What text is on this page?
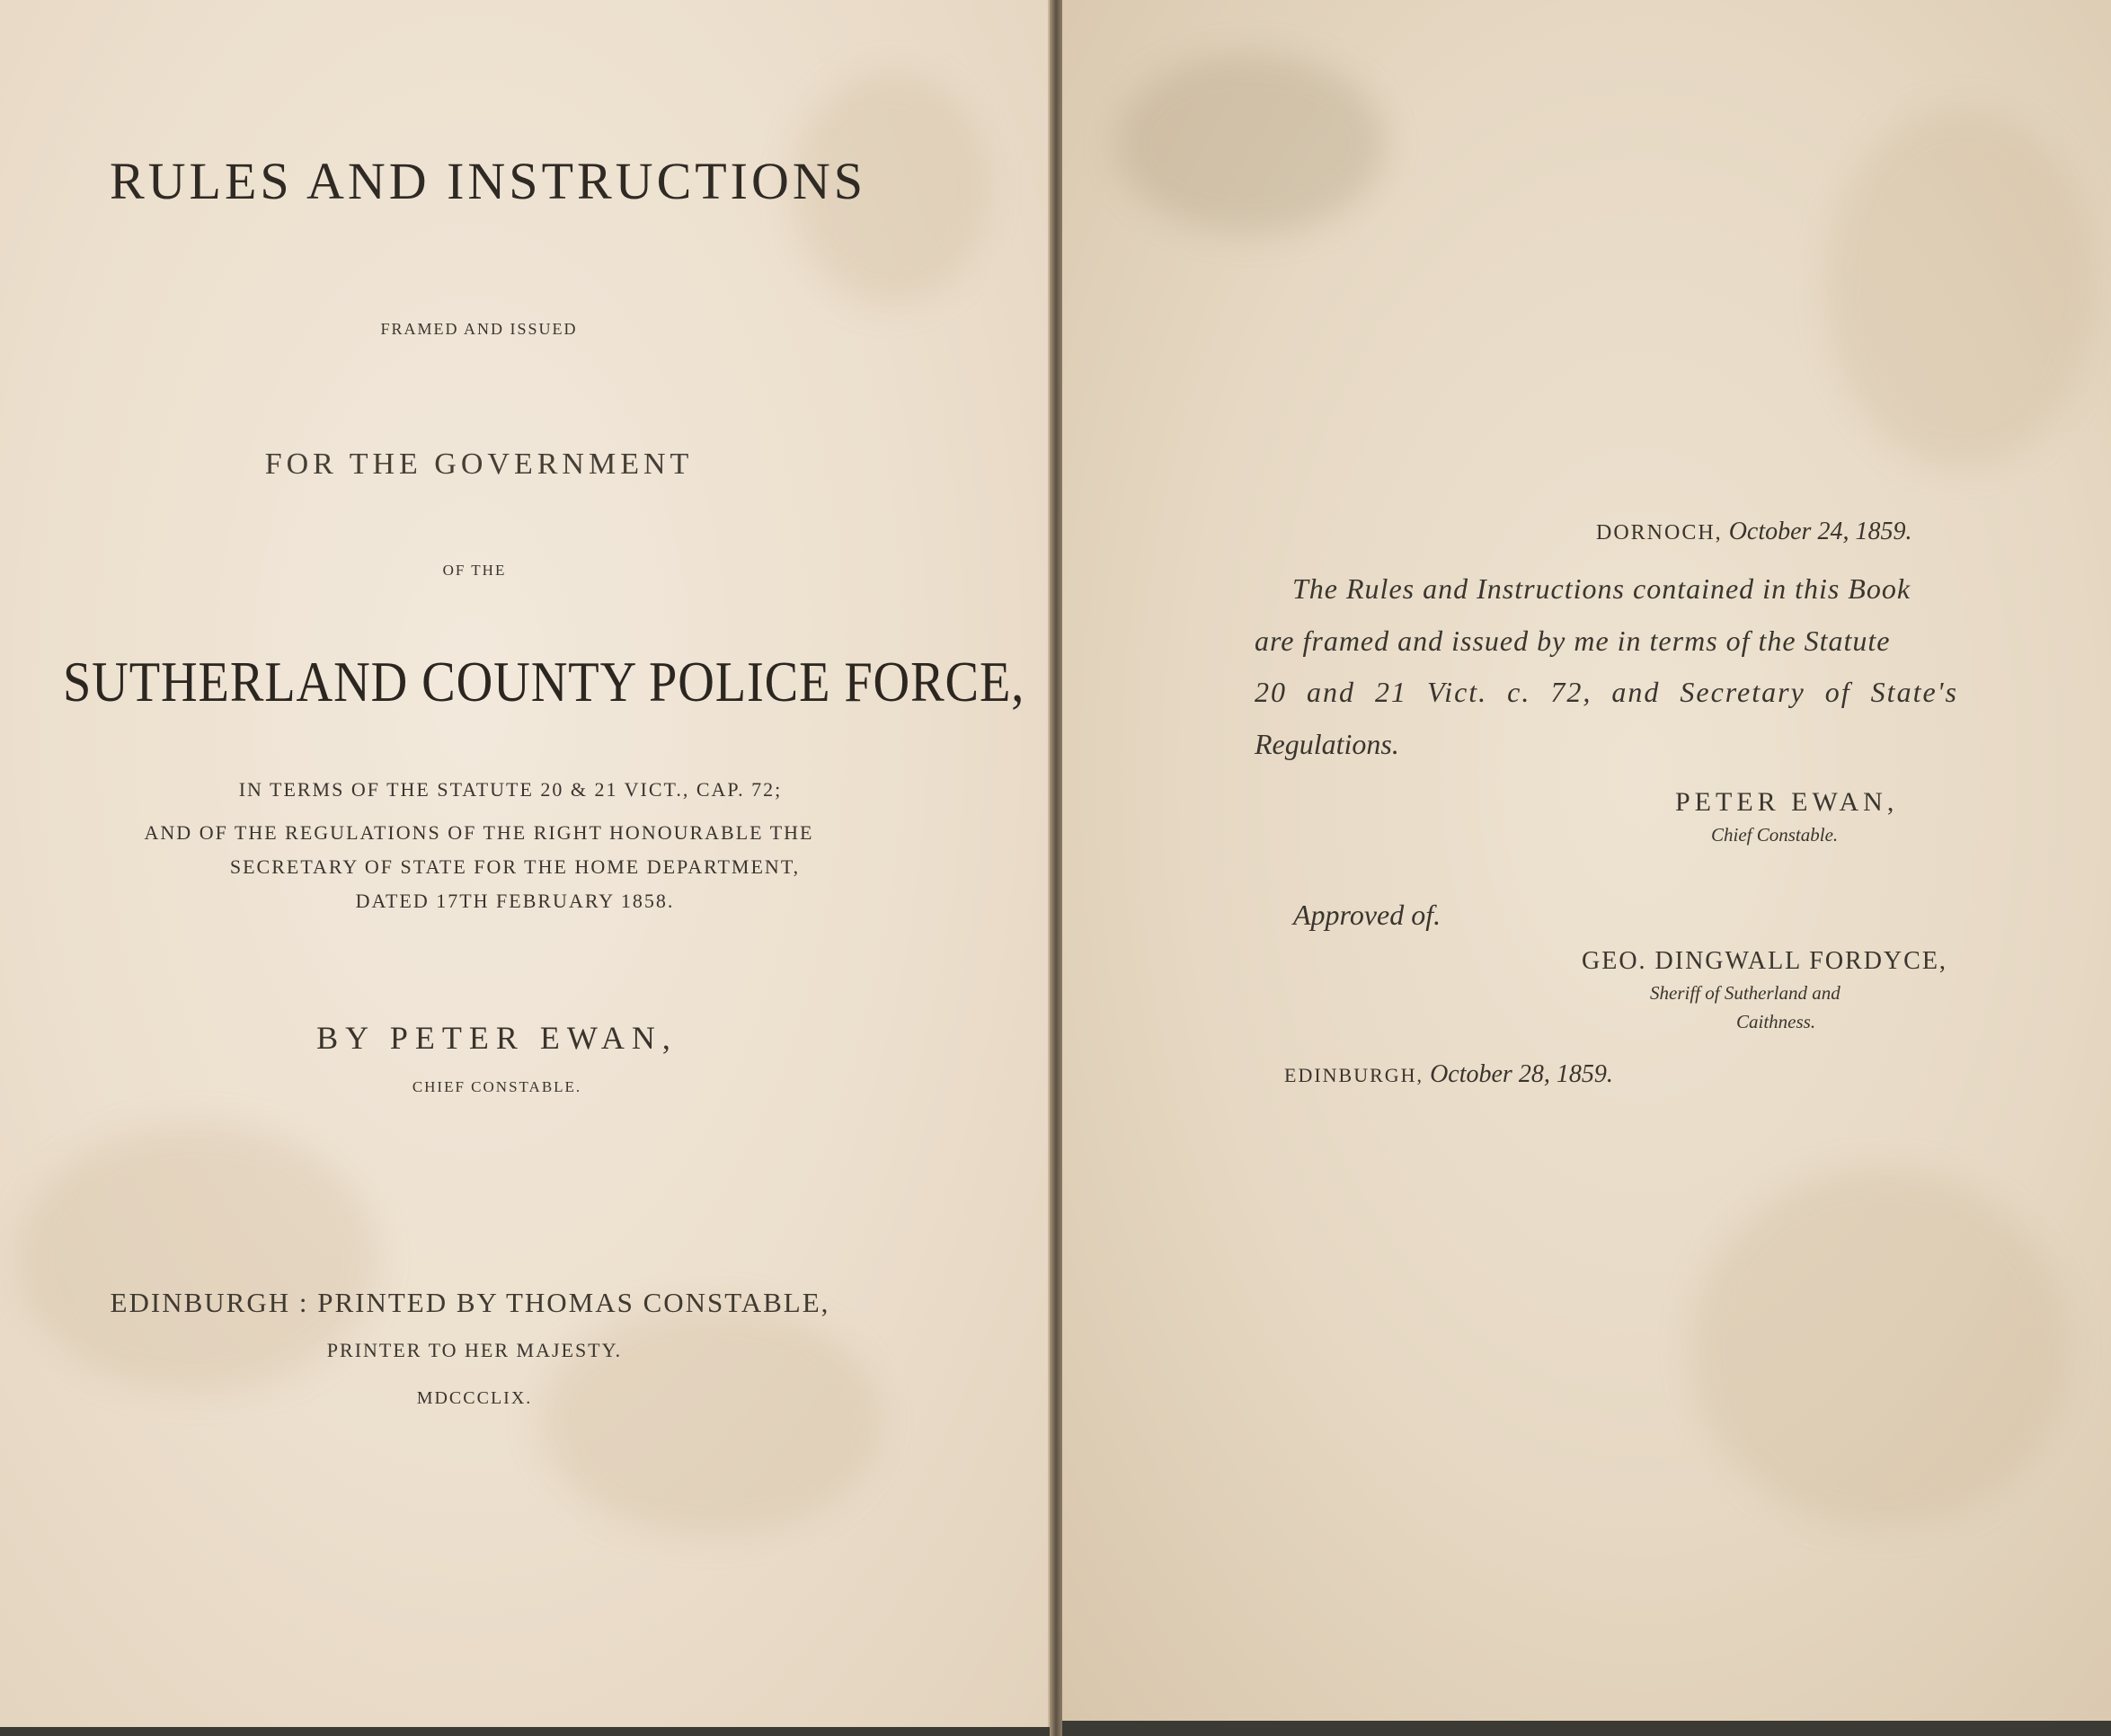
RULES AND INSTRUCTIONS
FRAMED AND ISSUED
FOR THE GOVERNMENT
OF THE
SUTHERLAND COUNTY POLICE FORCE,
IN TERMS OF THE STATUTE 20 & 21 VICT., CAP. 72;
AND OF THE REGULATIONS OF THE RIGHT HONOURABLE THE
SECRETARY OF STATE FOR THE HOME DEPARTMENT,
DATED 17TH FEBRUARY 1858.
BY PETER EWAN,
CHIEF CONSTABLE.
EDINBURGH : PRINTED BY THOMAS CONSTABLE,
PRINTER TO HER MAJESTY.
MDCCCLIX.
DORNOCH, October 24, 1859.
The Rules and Instructions contained in this Book
are framed and issued by me in terms of the Statute
20 and 21 Vict. c. 72, and Secretary of State's
Regulations.
PETER EWAN,
Chief Constable.
Approved of.
GEO. DINGWALL FORDYCE,
Sheriff of Sutherland and
Caithness.
EDINBURGH, October 28, 1859.
